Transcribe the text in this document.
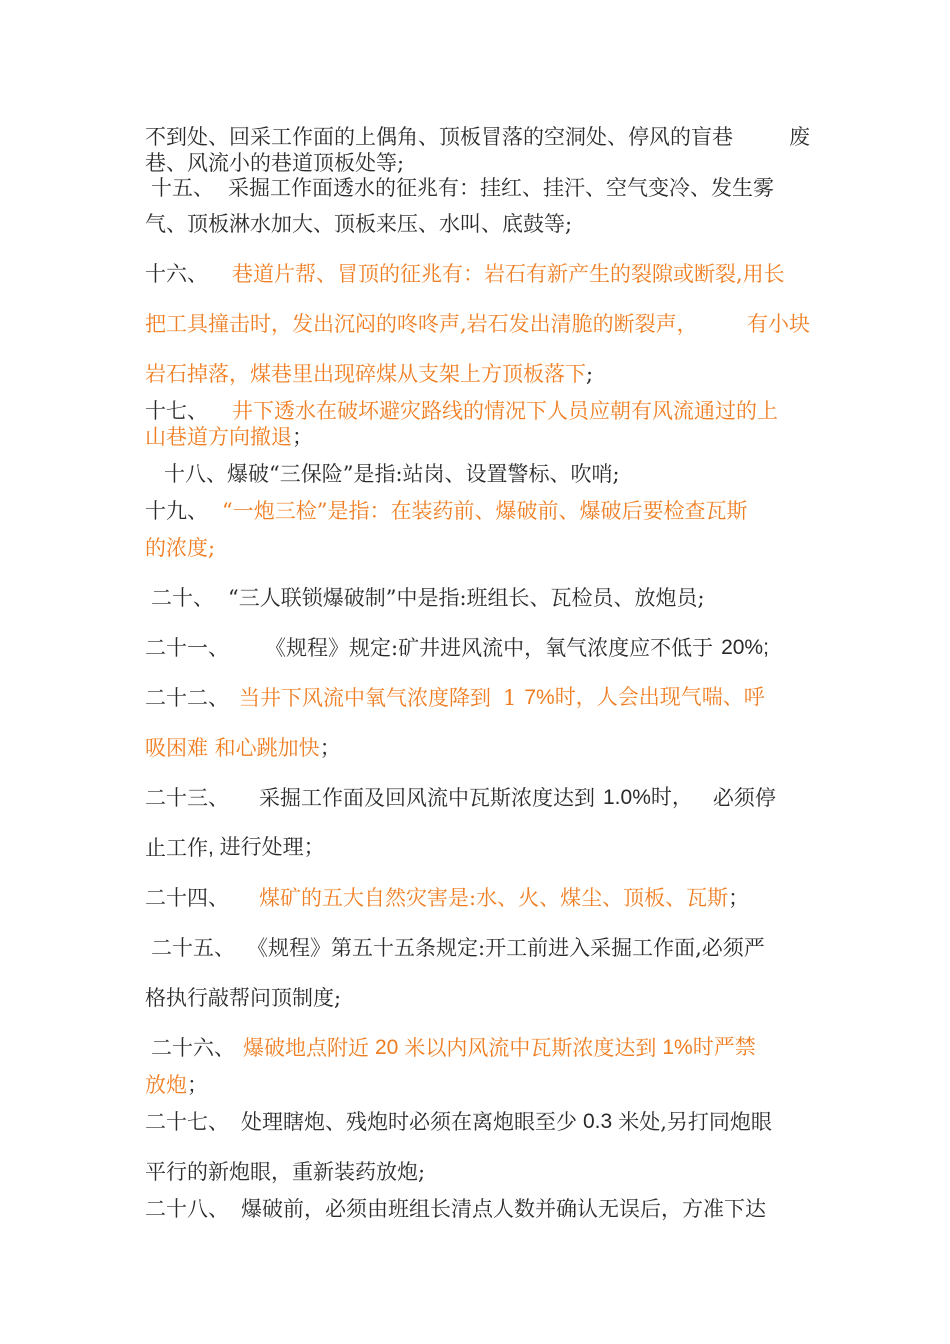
不到处、回采工作面的上偶角、顶板冒落的空洞处、停风的盲巷	废
巷、风流小的巷道顶板处等;
十五、 采掘工作面透水的征兆有：挂红、挂汗、空气变冷、发生雾
气、顶板淋水加大、顶板来压、水叫、底鼓等;
十六、 巷道片帮、冒顶的征兆有：岩石有新产生的裂隙或断裂,用长
把工具撞击时，发出沉闷的咚咚声,岩石发出清脆的断裂声， 有小块
岩石掉落，煤巷里出现碎煤从支架上方顶板落下 ;
十七、 井下透水在破坏避灾路线的情况下人员应朝有风流通过的上
山巷道方向撤退 ；
十八、爆破“三保险”是指:站岗、设置警标、吹哨;
十九、 “一炮三检”是指：在装药前、爆破前、爆破后要检查瓦斯
的浓度;
二十、 “三人联锁爆破制”中是指:班组长、瓦检员、放炮员;
二十一、 《规程》规定:矿井进风流中，氧气浓度应不低于 20%;
二十二、 当井下风流中氧气浓度降到 1 7%时，人会出现气喘、呼
吸困难 和心跳加快 ；
二十三、 采掘工作面及回风流中瓦斯浓度达到 1.0%时， 必须停
止工作 , 进行处理；
二十四、 煤矿的五大自然灾害是:水、火、煤尘、顶板、瓦斯 ；
二十五、 《规程》第五十五条规定:开工前进入采掘工作面,必须严
格执行敲帮问顶制度;
二十六、 爆破地点附近 20 米以内风流中瓦斯浓度达到 1%时严禁
放炮 ；
二十七、 处理瞎炮、残炮时必须在离炮眼至少 0.3 米处,另打同炮眼
平行的新炮眼，重新装药放炮;
二十八、 爆破前，必须由班组长清点人数并确认无误后，方准下达
